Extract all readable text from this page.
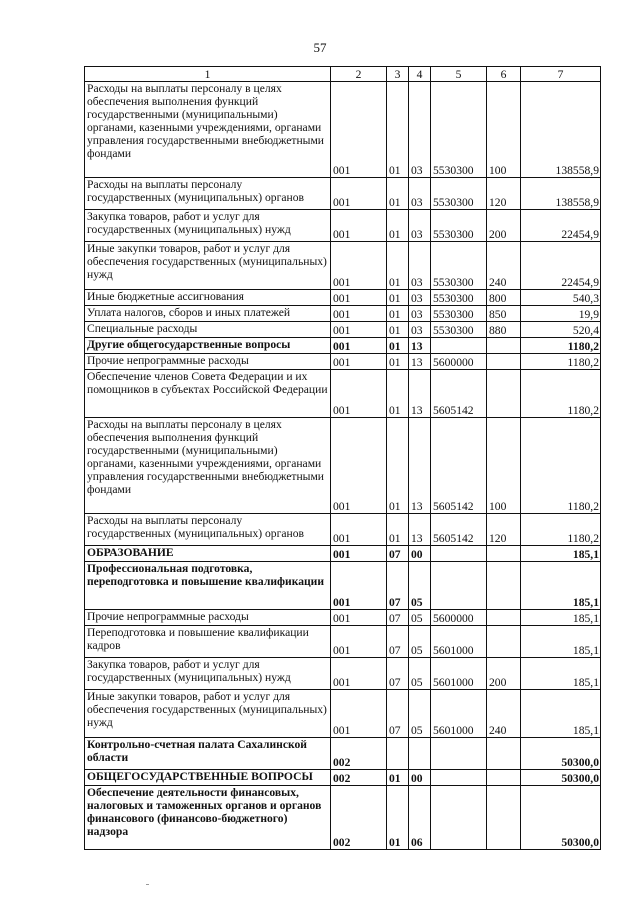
57
1	2	3	4	5	6	7
Расходы на выплаты персоналу в целях обеспечения выполнения функций государственными (муниципальными) органами, казенными учреждениями, органами управления государственными внебюджетными фондами	001	01	03	5530300	100	138558,9
Расходы на выплаты персоналу государственных (муниципальных) органов	001	01	03	5530300	120	138558,9
Закупка товаров, работ и услуг для государственных (муниципальных) нужд	001	01	03	5530300	200	22454,9
Иные закупки товаров, работ и услуг для обеспечения государственных (муниципальных) нужд	001	01	03	5530300	240	22454,9
Иные бюджетные ассигнования	001	01	03	5530300	800	540,3
Уплата налогов, сборов и иных платежей	001	01	03	5530300	850	19,9
Специальные расходы	001	01	03	5530300	880	520,4
Другие общегосударственные вопросы	001	01	13			1180,2
Прочие непрограммные расходы	001	01	13	5600000		1180,2
Обеспечение членов Совета Федерации и их помощников в субъектах Российской Федерации	001	01	13	5605142		1180,2
Расходы на выплаты персоналу в целях обеспечения выполнения функций государственными (муниципальными) органами, казенными учреждениями, органами управления государственными внебюджетными фондами	001	01	13	5605142	100	1180,2
Расходы на выплаты персоналу государственных (муниципальных) органов	001	01	13	5605142	120	1180,2
ОБРАЗОВАНИЕ	001	07	00			185,1
Профессиональная подготовка, переподготовка и повышение квалификации	001	07	05			185,1
Прочие непрограммные расходы	001	07	05	5600000		185,1
Переподготовка и повышение квалификации кадров	001	07	05	5601000		185,1
Закупка товаров, работ и услуг для государственных (муниципальных) нужд	001	07	05	5601000	200	185,1
Иные закупки товаров, работ и услуг для обеспечения государственных (муниципальных) нужд	001	07	05	5601000	240	185,1
Контрольно-счетная палата Сахалинской области	002					50300,0
ОБЩЕГОСУДАРСТВЕННЫЕ ВОПРОСЫ	002	01	00			50300,0
Обеспечение деятельности финансовых, налоговых и таможенных органов и органов финансового (финансово-бюджетного) надзора	002	01	06			50300,0
